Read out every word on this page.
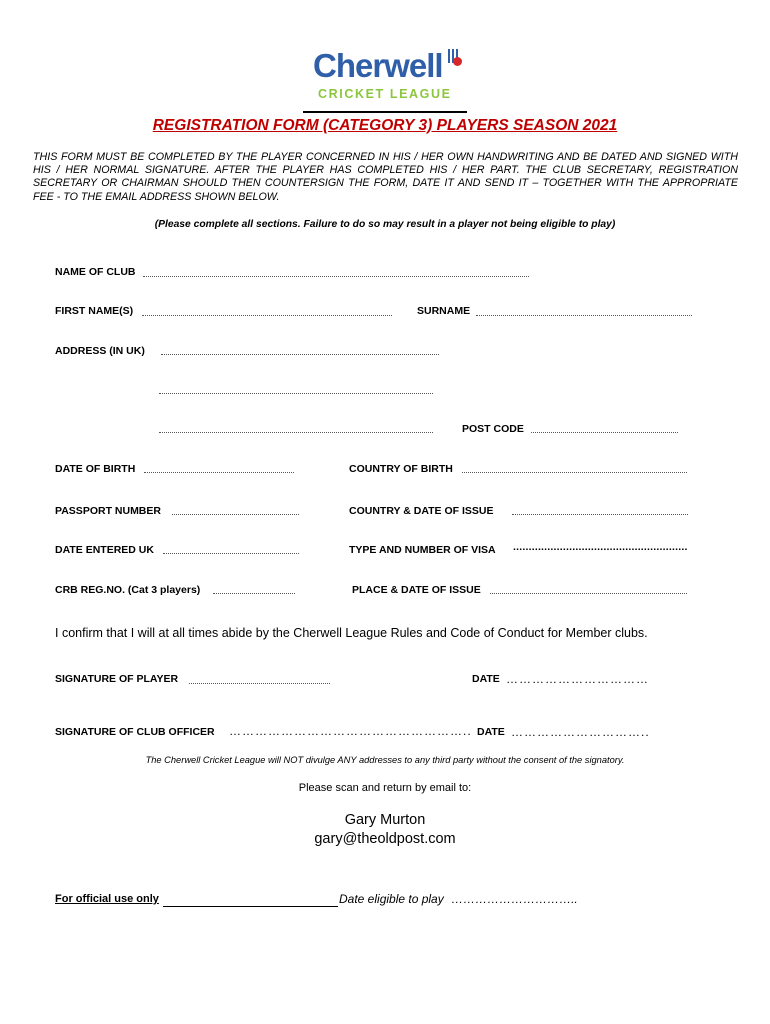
Cherwell
CRICKET LEAGUE
REGISTRATION FORM (CATEGORY 3) PLAYERS SEASON 2021
THIS FORM MUST BE COMPLETED BY THE PLAYER CONCERNED IN HIS / HER OWN HANDWRITING AND BE DATED AND SIGNED WITH HIS / HER NORMAL SIGNATURE. AFTER THE PLAYER HAS COMPLETED HIS / HER PART. THE CLUB SECRETARY, REGISTRATION SECRETARY OR CHAIRMAN SHOULD THEN COUNTERSIGN THE FORM, DATE IT AND SEND IT – TOGETHER WITH THE APPROPRIATE FEE - TO THE EMAIL ADDRESS SHOWN BELOW.
(Please complete all sections. Failure to do so may result in a player not being eligible to play)
NAME OF CLUB
FIRST NAME(S)	SURNAME
ADDRESS (IN UK)
POST CODE
DATE OF BIRTH	COUNTRY OF BIRTH
PASSPORT NUMBER	COUNTRY & DATE OF ISSUE
DATE ENTERED UK	TYPE AND NUMBER OF VISA ........................................................
CRB REG.NO. (Cat 3 players)	PLACE & DATE OF ISSUE
I confirm that I will at all times abide by the Cherwell League Rules and Code of Conduct for Member clubs.
SIGNATURE OF PLAYER	DATE ……………………………
SIGNATURE OF CLUB OFFICER ……………………………………………….. DATE …………………………..
The Cherwell Cricket League will NOT divulge ANY addresses to any third party without the consent of the signatory.
Please scan and return by email to:
Gary Murton
gary@theoldpost.com
For official use only	Date eligible to play …………………………..
